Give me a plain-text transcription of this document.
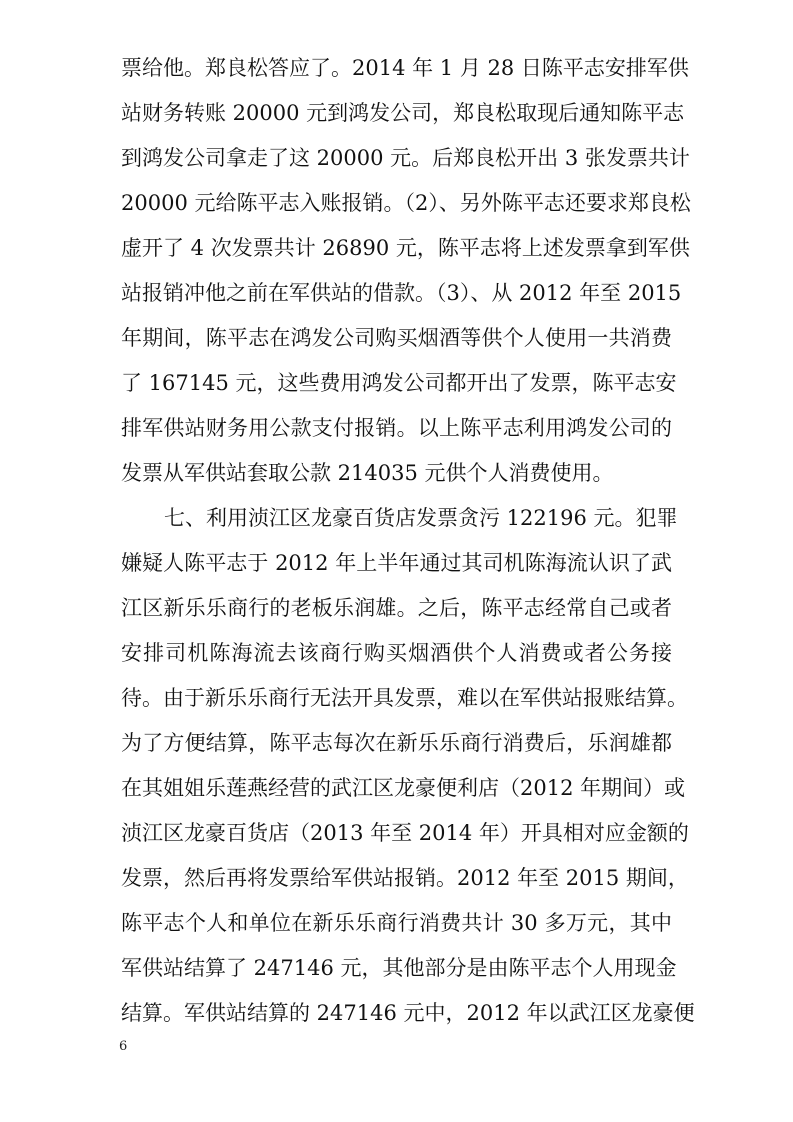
票给他。郑良松答应了。2014 年 1 月 28 日陈平志安排军供
站财务转账 20000 元到鸿发公司，郑良松取现后通知陈平志
到鸿发公司拿走了这 20000 元。后郑良松开出 3 张发票共计
20000 元给陈平志入账报销。（2）、另外陈平志还要求郑良松
虚开了 4 次发票共计 26890 元，陈平志将上述发票拿到军供
站报销冲他之前在军供站的借款。（3）、从 2012 年至 2015
年期间，陈平志在鸿发公司购买烟酒等供个人使用一共消费
了 167145 元，这些费用鸿发公司都开出了发票，陈平志安
排军供站财务用公款支付报销。以上陈平志利用鸿发公司的
发票从军供站套取公款 214035 元供个人消费使用。
七、利用浈江区龙豪百货店发票贪污 122196 元。犯罪
嫌疑人陈平志于 2012 年上半年通过其司机陈海流认识了武
江区新乐乐商行的老板乐润雄。之后，陈平志经常自己或者
安排司机陈海流去该商行购买烟酒供个人消费或者公务接
待。由于新乐乐商行无法开具发票，难以在军供站报账结算。
为了方便结算，陈平志每次在新乐乐商行消费后，乐润雄都
在其姐姐乐莲燕经营的武江区龙豪便利店（2012 年期间）或
浈江区龙豪百货店（2013 年至 2014 年）开具相对应金额的
发票，然后再将发票给军供站报销。2012 年至 2015 期间，
陈平志个人和单位在新乐乐商行消费共计 30 多万元，其中
军供站结算了 247146 元，其他部分是由陈平志个人用现金
6
结算。军供站结算的 247146 元中，2012 年以武江区龙豪便
